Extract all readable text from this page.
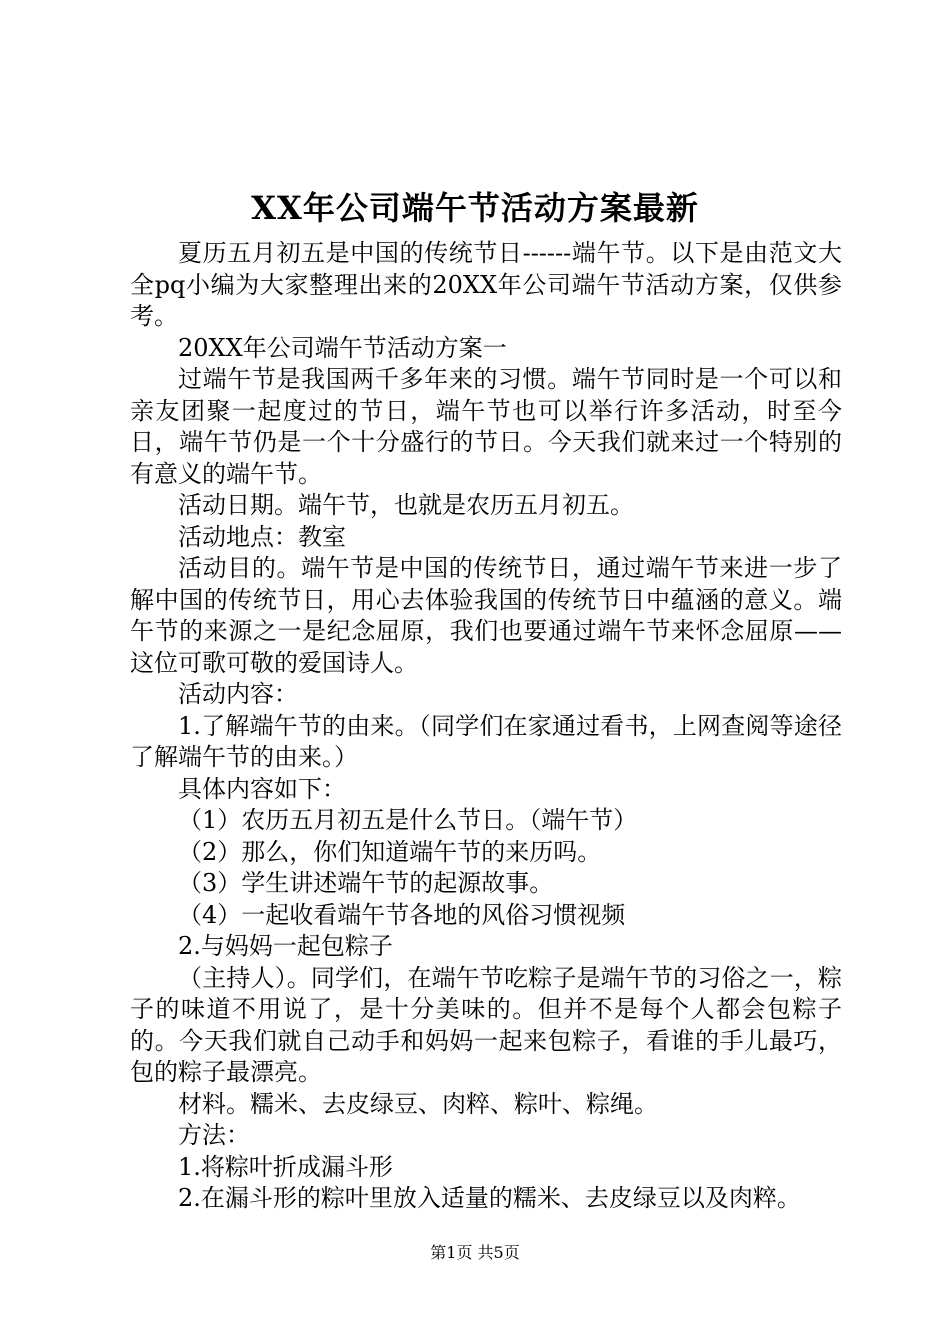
XX年公司端午节活动方案最新

夏历五月初五是中国的传统节日------端午节。以下是由范文大全pq小编为大家整理出来的20XX年公司端午节活动方案，仅供参考。

20XX年公司端午节活动方案一

过端午节是我国两千多年来的习惯。端午节同时是一个可以和亲友团聚一起度过的节日，端午节也可以举行许多活动，时至今日，端午节仍是一个十分盛行的节日。今天我们就来过一个特别的有意义的端午节。

活动日期。端午节，也就是农历五月初五。

活动地点：教室

活动目的。端午节是中国的传统节日，通过端午节来进一步了解中国的传统节日，用心去体验我国的传统节日中蕴涵的意义。端午节的来源之一是纪念屈原，我们也要通过端午节来怀念屈原——这位可歌可敬的爱国诗人。

活动内容：

1.了解端午节的由来。（同学们在家通过看书，上网查阅等途径了解端午节的由来。）

具体内容如下：

（1）农历五月初五是什么节日。（端午节）

（2）那么，你们知道端午节的来历吗。

（3）学生讲述端午节的起源故事。

（4）一起收看端午节各地的风俗习惯视频

2.与妈妈一起包粽子

（主持人）。同学们，在端午节吃粽子是端午节的习俗之一，粽子的味道不用说了，是十分美味的。但并不是每个人都会包粽子的。今天我们就自己动手和妈妈一起来包粽子，看谁的手儿最巧，包的粽子最漂亮。

材料。糯米、去皮绿豆、肉粹、粽叶、粽绳。

方法：

1.将粽叶折成漏斗形

2.在漏斗形的粽叶里放入适量的糯米、去皮绿豆以及肉粹。

第1页 共5页
